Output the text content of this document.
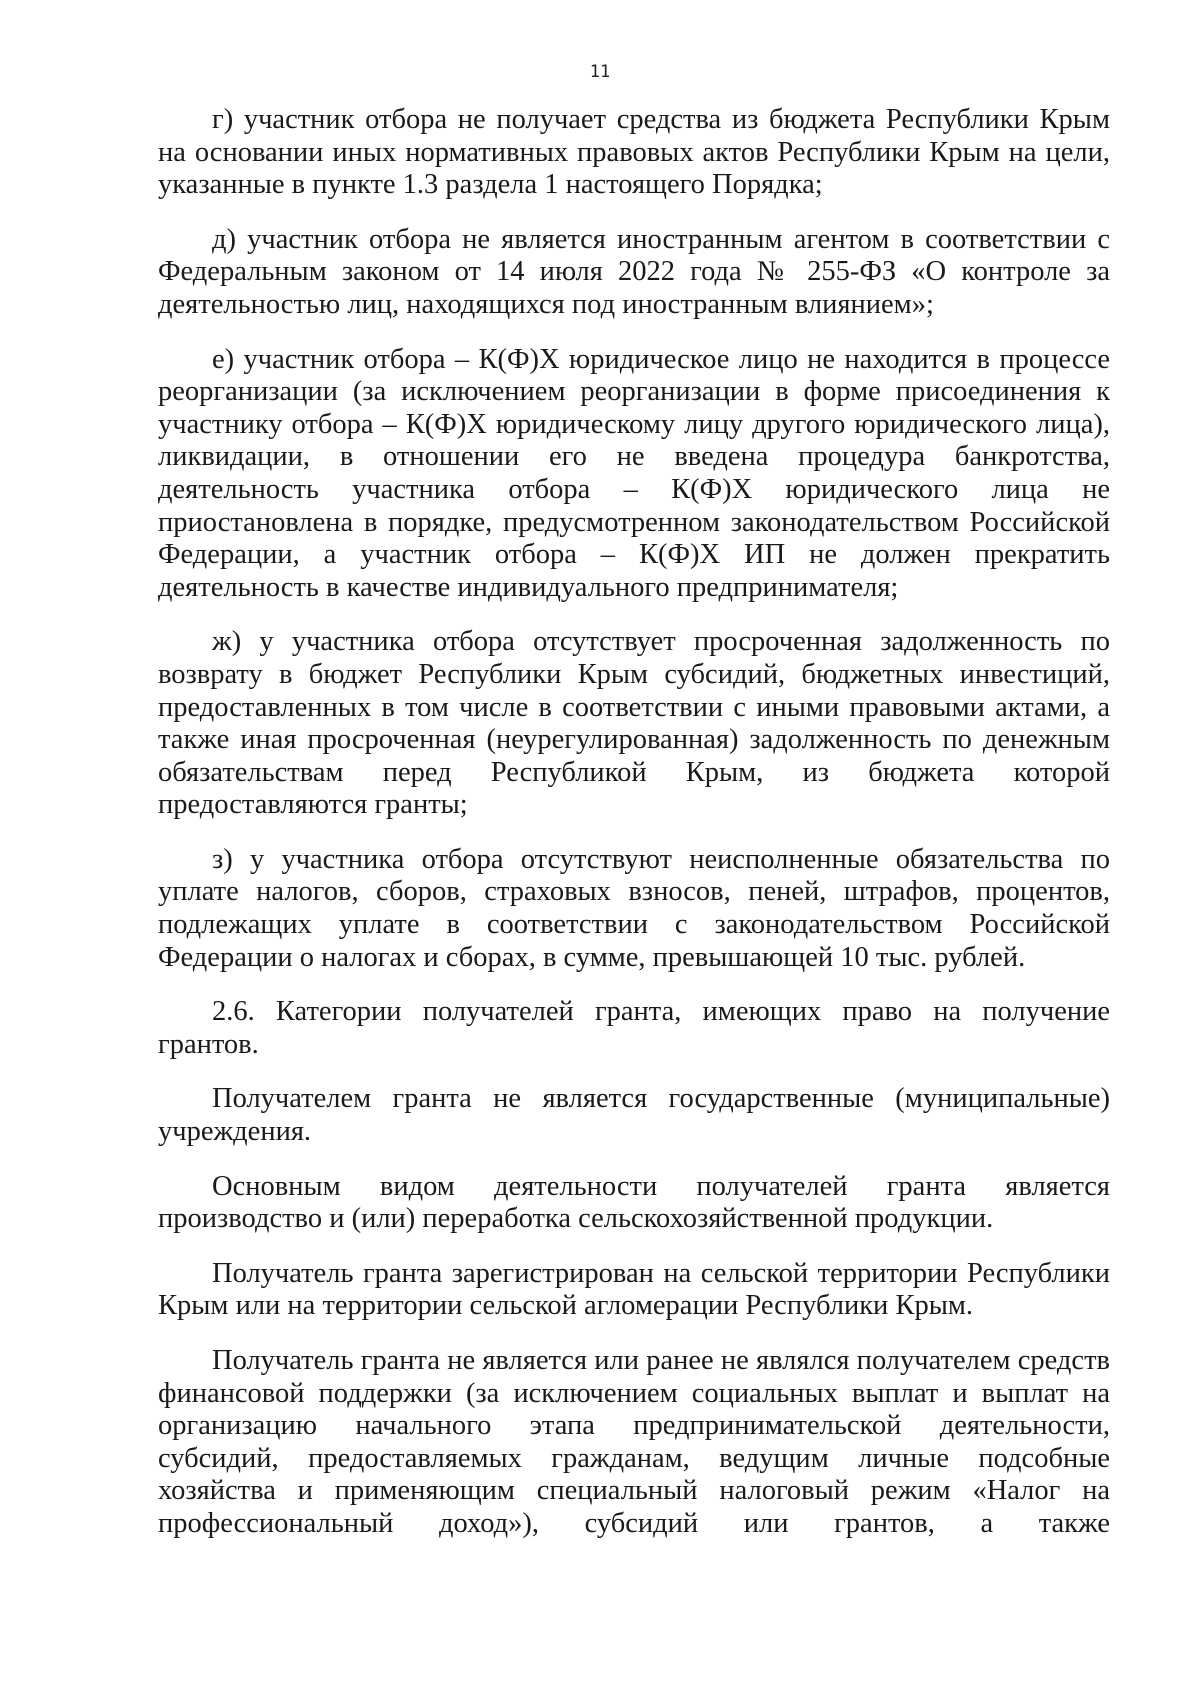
11

г) участник отбора не получает средства из бюджета Республики Крым на основании иных нормативных правовых актов Республики Крым на цели, указанные в пункте 1.3 раздела 1 настоящего Порядка;

д) участник отбора не является иностранным агентом в соответствии с Федеральным законом от 14 июля 2022 года № 255-ФЗ «О контроле за деятельностью лиц, находящихся под иностранным влиянием»;

е) участник отбора – К(Ф)Х юридическое лицо не находится в процессе реорганизации (за исключением реорганизации в форме присоединения к участнику отбора – К(Ф)Х юридическому лицу другого юридического лица), ликвидации, в отношении его не введена процедура банкротства, деятельность участника отбора – К(Ф)Х юридического лица не приостановлена в порядке, предусмотренном законодательством Российской Федерации, а участник отбора – К(Ф)Х ИП не должен прекратить деятельность в качестве индивидуального предпринимателя;

ж) у участника отбора отсутствует просроченная задолженность по возврату в бюджет Республики Крым субсидий, бюджетных инвестиций, предоставленных в том числе в соответствии с иными правовыми актами, а также иная просроченная (неурегулированная) задолженность по денежным обязательствам перед Республикой Крым, из бюджета которой предоставляются гранты;

з) у участника отбора отсутствуют неисполненные обязательства по уплате налогов, сборов, страховых взносов, пеней, штрафов, процентов, подлежащих уплате в соответствии с законодательством Российской Федерации о налогах и сборах, в сумме, превышающей 10 тыс. рублей.

2.6. Категории получателей гранта, имеющих право на получение грантов.

Получателем гранта не является государственные (муниципальные) учреждения.

Основным видом деятельности получателей гранта является производство и (или) переработка сельскохозяйственной продукции.

Получатель гранта зарегистрирован на сельской территории Республики Крым или на территории сельской агломерации Республики Крым.

Получатель гранта не является или ранее не являлся получателем средств финансовой поддержки (за исключением социальных выплат и выплат на организацию начального этапа предпринимательской деятельности, субсидий, предоставляемых гражданам, ведущим личные подсобные хозяйства и применяющим специальный налоговый режим «Налог на профессиональный доход»), субсидий или грантов, а также
